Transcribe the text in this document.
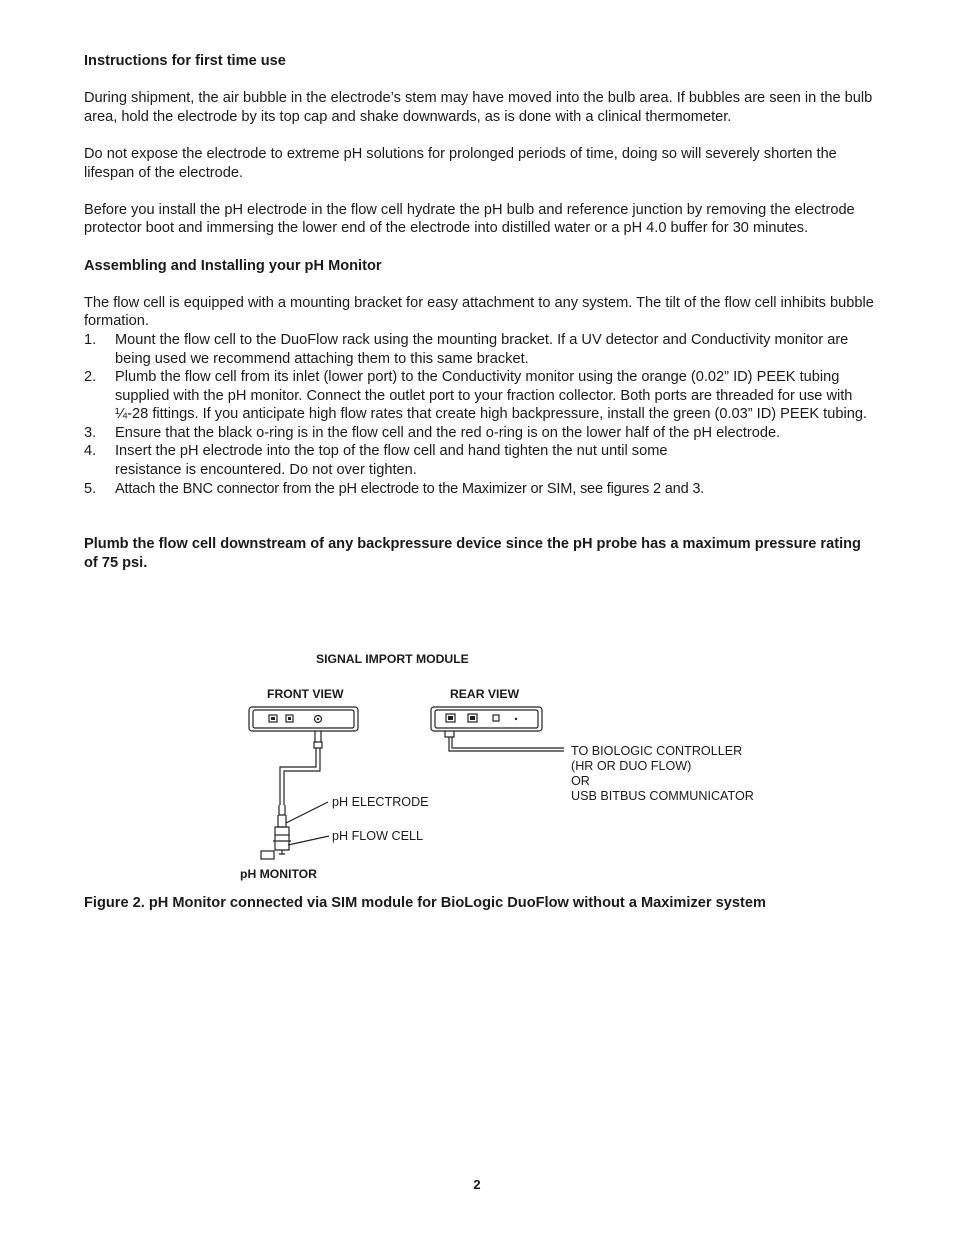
Instructions for first time use

During shipment, the air bubble in the electrode’s stem may have moved into the bulb area. If bubbles are seen in the bulb area, hold the electrode by its top cap and shake downwards, as is done with a clinical thermometer.

Do not expose the electrode to extreme pH solutions for prolonged periods of time, doing so will severely shorten the lifespan of the electrode.

Before you install the pH electrode in the flow cell hydrate the pH bulb and reference junction by removing the electrode protector boot and immersing the lower end of the electrode into distilled water or a pH 4.0 buffer for 30 minutes.

Assembling and Installing your pH Monitor

The flow cell is equipped with a mounting bracket for easy attachment to any system. The tilt of the flow cell inhibits bubble formation.

1. Mount the flow cell to the DuoFlow rack using the mounting bracket. If a UV detector and Conductivity monitor are being used we recommend attaching them to this same bracket.
2. Plumb the flow cell from its inlet (lower port) to the Conductivity monitor using the orange (0.02” ID) PEEK tubing supplied with the pH monitor. Connect the outlet port to your fraction collector. Both ports are threaded for use with ¼-28 fittings. If you anticipate high flow rates that create high backpressure, install the green (0.03” ID) PEEK tubing.
3. Ensure that the black o-ring is in the flow cell and the red o-ring is on the lower half of the pH electrode.
4. Insert the pH electrode into the top of the flow cell and hand tighten the nut until some
resistance is encountered. Do not over tighten.
5. Attach the BNC connector from the pH electrode to the Maximizer or SIM, see figures 2 and 3.

Plumb the flow cell downstream of any backpressure device since the pH probe has a maximum pressure rating of 75 psi.

SIGNAL IMPORT MODULE
FRONT VIEW	REAR VIEW
TO BIOLOGIC CONTROLLER
(HR OR DUO FLOW)
OR
USB BITBUS COMMUNICATOR
pH ELECTRODE
pH FLOW CELL
pH MONITOR
Figure 2. pH Monitor connected via SIM module for BioLogic DuoFlow without a Maximizer system
2
